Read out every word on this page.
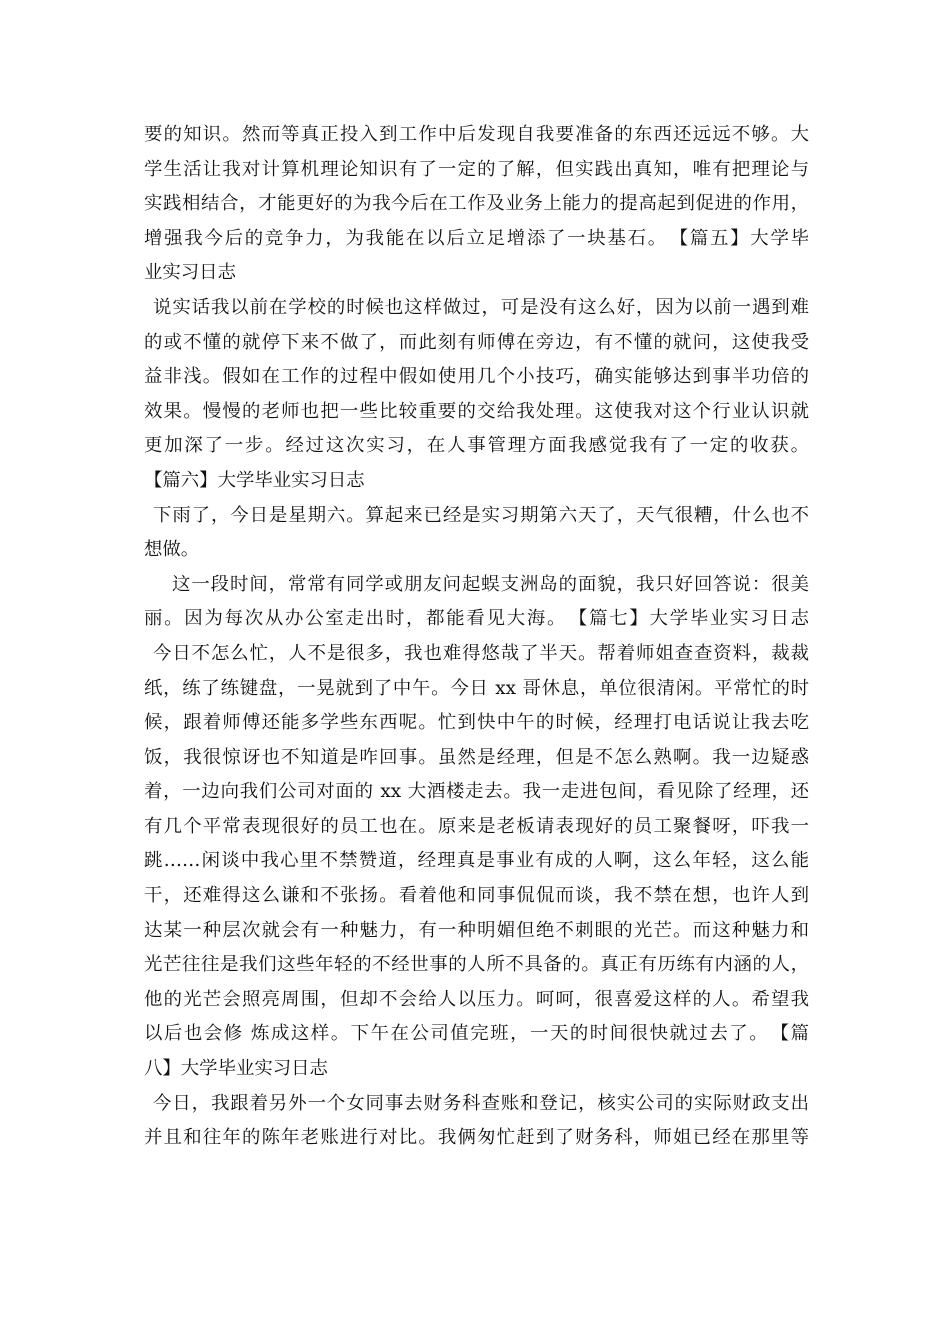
要的知识。然而等真正投入到工作中后发现自我要准备的东西还远远不够。大
学生活让我对计算机理论知识有了一定的了解，但实践出真知，唯有把理论与
实践相结合，才能更好的为我今后在工作及业务上能力的提高起到促进的作用，
增强我今后的竞争力，为我能在以后立足增添了一块基石。　【篇五】大学毕
业实习日志
说实话我以前在学校的时候也这样做过，可是没有这么好，因为以前一遇到难
的或不懂的就停下来不做了，而此刻有师傅在旁边，有不懂的就问，这使我受
益非浅。假如在工作的过程中假如使用几个小技巧，确实能够达到事半功倍的
效果。慢慢的老师也把一些比较重要的交给我处理。这使我对这个行业认识就
更加深了一步。经过这次实习，在人事管理方面我感觉我有了一定的收获。
【篇六】大学毕业实习日志
下雨了，今日是星期六。算起来已经是实习期第六天了，天气很糟，什么也不
想做。
这一段时间，常常有同学或朋友问起蜈支洲岛的面貌，我只好回答说：很美
丽。因为每次从办公室走出时，都能看见大海。　【篇七】大学毕业实习日志
今日不怎么忙，人不是很多，我也难得悠哉了半天。帮着师姐查查资料，裁裁
纸，练了练键盘，一晃就到了中午。今日 xx 哥休息，单位很清闲。平常忙的时
候，跟着师傅还能多学些东西呢。忙到快中午的时候，经理打电话说让我去吃
饭，我很惊讶也不知道是咋回事。虽然是经理，但是不怎么熟啊。我一边疑惑
着，一边向我们公司对面的 xx 大酒楼走去。我一走进包间，看见除了经理，还
有几个平常表现很好的员工也在。原来是老板请表现好的员工聚餐呀，吓我一
跳……闲谈中我心里不禁赞道，经理真是事业有成的人啊，这么年轻，这么能
干，还难得这么谦和不张扬。看着他和同事侃侃而谈，我不禁在想，也许人到
达某一种层次就会有一种魅力，有一种明媚但绝不刺眼的光芒。而这种魅力和
光芒往往是我们这些年轻的不经世事的人所不具备的。真正有历练有内涵的人，
他的光芒会照亮周围，但却不会给人以压力。呵呵，很喜爱这样的人。希望我
以后也会修 炼成这样。下午在公司值完班，一天的时间很快就过去了。　【篇
八】大学毕业实习日志
今日，我跟着另外一个女同事去财务科查账和登记，核实公司的实际财政支出
并且和往年的陈年老账进行对比。我俩匆忙赶到了财务科，师姐已经在那里等
